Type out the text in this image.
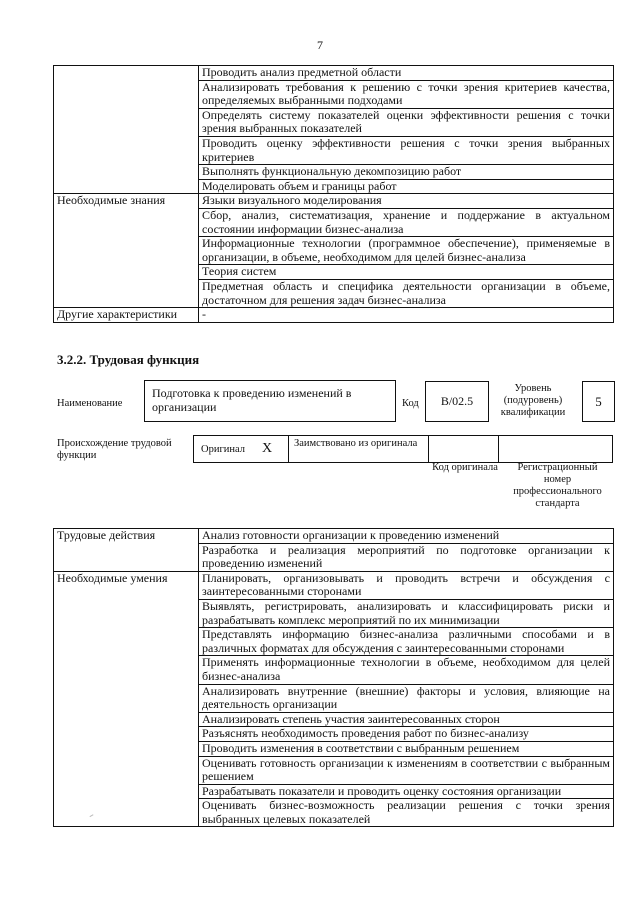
7
	Проводить анализ предметной области
	Анализировать требования к решению с точки зрения критериев качества, определяемых выбранными подходами
	Определять систему показателей оценки эффективности решения с точки зрения выбранных показателей
	Проводить оценку эффективности решения с точки зрения выбранных критериев
	Выполнять функциональную декомпозицию работ
	Моделировать объем и границы работ
Необходимые знания	Языки визуального моделирования
	Сбор, анализ, систематизация, хранение и поддержание в актуальном состоянии информации бизнес-анализа
	Информационные технологии (программное обеспечение), применяемые в организации, в объеме, необходимом для целей бизнес-анализа
	Теория систем
	Предметная область и специфика деятельности организации в объеме, достаточном для решения задач бизнес-анализа
Другие характеристики	-
3.2.2. Трудовая функция
Наименование
Подготовка к проведению изменений в организации	Код	B/02.5
Уровень (подуровень) квалификации
5
Происхождение трудовой функции
Оригинал X Заимствовано из оригинала
Код оригинала	Регистрационный номер профессионального стандарта
Трудовые действия	Анализ готовности организации к проведению изменений
	Разработка и реализация мероприятий по подготовке организации к проведению изменений
Необходимые умения	Планировать, организовывать и проводить встречи и обсуждения с заинтересованными сторонами
	Выявлять, регистрировать, анализировать и классифицировать риски и разрабатывать комплекс мероприятий по их минимизации
	Представлять информацию бизнес-анализа различными способами и в различных форматах для обсуждения с заинтересованными сторонами
	Применять информационные технологии в объеме, необходимом для целей бизнес-анализа
	Анализировать внутренние (внешние) факторы и условия, влияющие на деятельность организации
	Анализировать степень участия заинтересованных сторон
	Разъяснять необходимость проведения работ по бизнес-анализу
	Проводить изменения в соответствии с выбранным решением
	Оценивать готовность организации к изменениям в соответствии с выбранным решением
	Разрабатывать показатели и проводить оценку состояния организации
	Оценивать бизнес-возможность реализации решения с точки зрения выбранных целевых показателей
